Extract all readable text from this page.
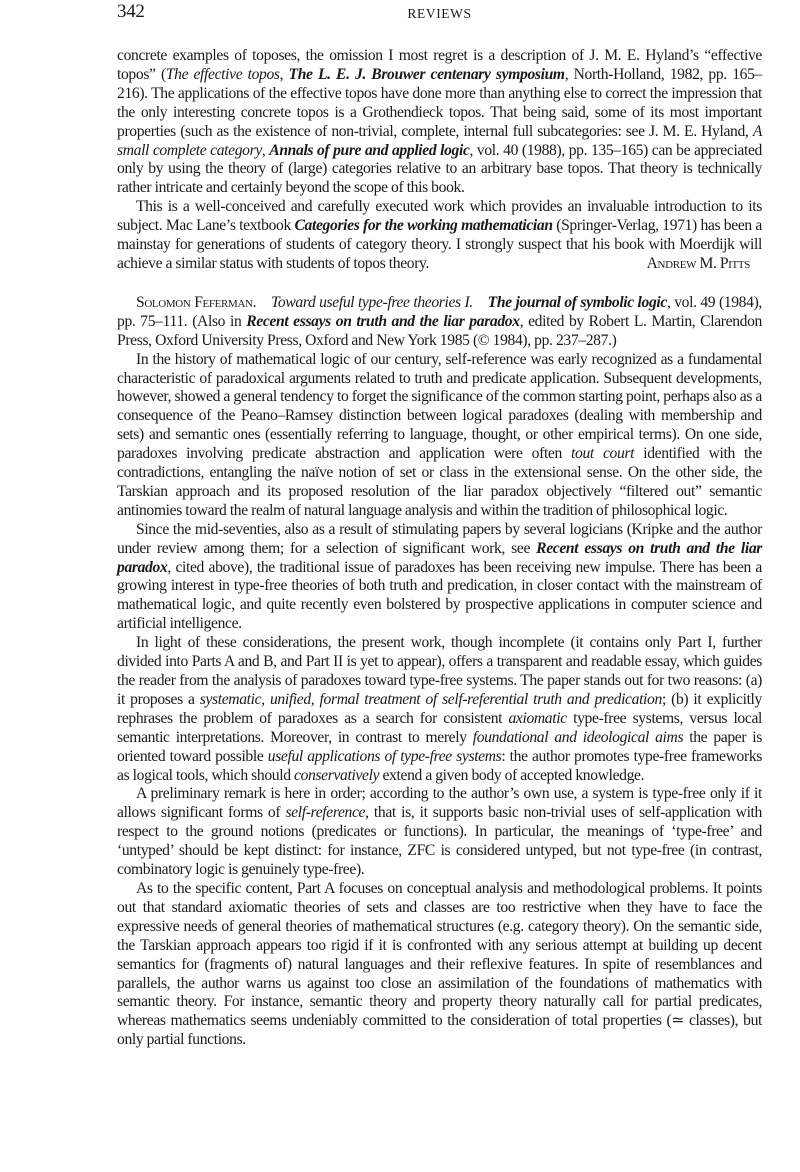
342	REVIEWS

concrete examples of toposes, the omission I most regret is a description of J. M. E. Hyland’s “effective topos” (The effective topos, The L. E. J. Brouwer centenary symposium, North-Holland, 1982, pp. 165–216). The applications of the effective topos have done more than anything else to correct the impression that the only interesting concrete topos is a Grothendieck topos. That being said, some of its most important properties (such as the existence of non-trivial, complete, internal full subcategories: see J. M. E. Hyland, A small complete category, Annals of pure and applied logic, vol. 40 (1988), pp. 135–165) can be appreciated only by using the theory of (large) categories relative to an arbitrary base topos. That theory is technically rather intricate and certainly beyond the scope of this book.

This is a well-conceived and carefully executed work which provides an invaluable introduction to its subject. Mac Lane’s textbook Categories for the working mathematician (Springer-Verlag, 1971) has been a mainstay for generations of students of category theory. I strongly suspect that his book with Moerdijk will achieve a similar status with students of topos theory.	Andrew M. Pitts

Solomon Feferman. Toward useful type-free theories I. The journal of symbolic logic, vol. 49 (1984), pp. 75–111. (Also in Recent essays on truth and the liar paradox, edited by Robert L. Martin, Clarendon Press, Oxford University Press, Oxford and New York 1985 (© 1984), pp. 237–287.)

In the history of mathematical logic of our century, self-reference was early recognized as a fundamental characteristic of paradoxical arguments related to truth and predicate application. Subsequent developments, however, showed a general tendency to forget the significance of the common starting point, perhaps also as a consequence of the Peano–Ramsey distinction between logical paradoxes (dealing with membership and sets) and semantic ones (essentially referring to language, thought, or other empirical terms). On one side, paradoxes involving predicate abstraction and application were often tout court identified with the contradictions, entangling the naïve notion of set or class in the extensional sense. On the other side, the Tarskian approach and its proposed resolution of the liar paradox objectively “filtered out” semantic antinomies toward the realm of natural language analysis and within the tradition of philosophical logic.

Since the mid-seventies, also as a result of stimulating papers by several logicians (Kripke and the author under review among them; for a selection of significant work, see Recent essays on truth and the liar paradox, cited above), the traditional issue of paradoxes has been receiving new impulse. There has been a growing interest in type-free theories of both truth and predication, in closer contact with the mainstream of mathematical logic, and quite recently even bolstered by prospective applications in computer science and artificial intelligence.

In light of these considerations, the present work, though incomplete (it contains only Part I, further divided into Parts A and B, and Part II is yet to appear), offers a transparent and readable essay, which guides the reader from the analysis of paradoxes toward type-free systems. The paper stands out for two reasons: (a) it proposes a systematic, unified, formal treatment of self-referential truth and predication; (b) it explicitly rephrases the problem of paradoxes as a search for consistent axiomatic type-free systems, versus local semantic interpretations. Moreover, in contrast to merely foundational and ideological aims the paper is oriented toward possible useful applications of type-free systems: the author promotes type-free frameworks as logical tools, which should conservatively extend a given body of accepted knowledge.

A preliminary remark is here in order; according to the author’s own use, a system is type-free only if it allows significant forms of self-reference, that is, it supports basic non-trivial uses of self-application with respect to the ground notions (predicates or functions). In particular, the meanings of ‘type-free’ and ‘untyped’ should be kept distinct: for instance, ZFC is considered untyped, but not type-free (in contrast, combinatory logic is genuinely type-free).

As to the specific content, Part A focuses on conceptual analysis and methodological problems. It points out that standard axiomatic theories of sets and classes are too restrictive when they have to face the expressive needs of general theories of mathematical structures (e.g. category theory). On the semantic side, the Tarskian approach appears too rigid if it is confronted with any serious attempt at building up decent semantics for (fragments of) natural languages and their reflexive features. In spite of resemblances and parallels, the author warns us against too close an assimilation of the foundations of mathematics with semantic theory. For instance, semantic theory and property theory naturally call for partial predicates, whereas mathematics seems undeniably committed to the consideration of total properties (≃ classes), but only partial functions.
